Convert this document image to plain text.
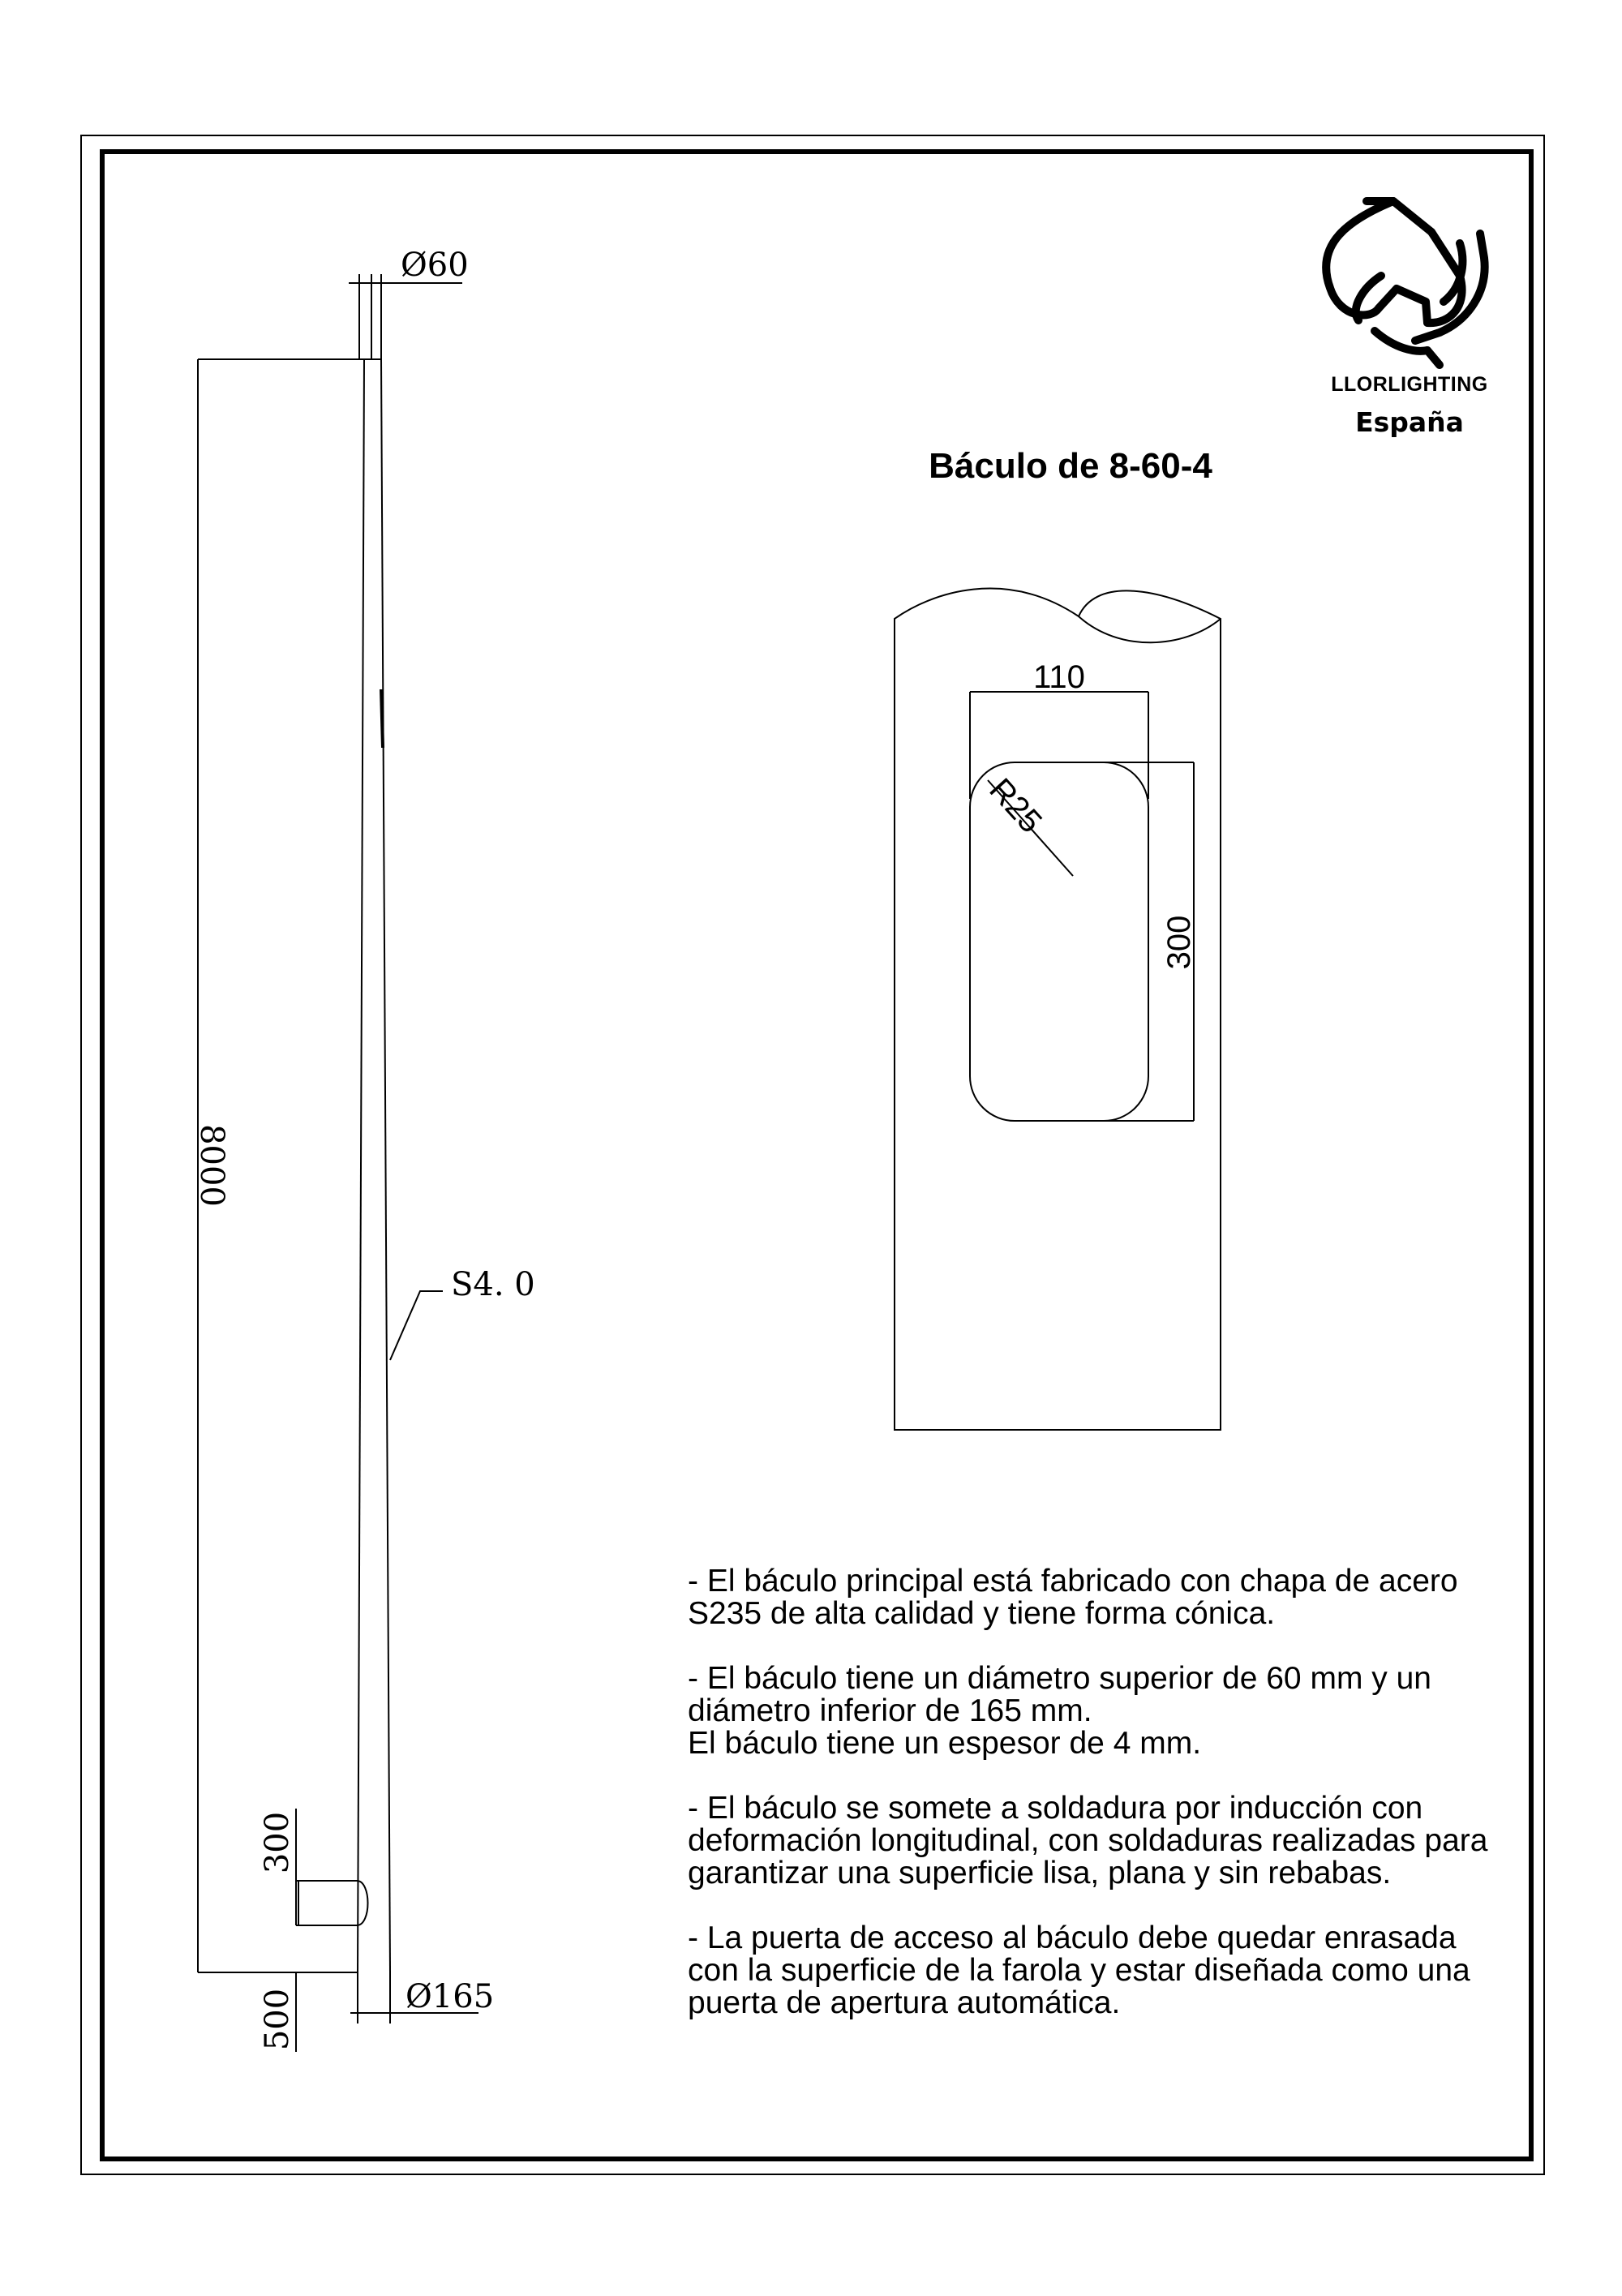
LLORLIGHTING
España
Ø60
8000
S4. 0
300
500	Ø165
110
300
R25
Báculo de 8-60-4

- El báculo principal está fabricado con chapa de acero S235 de alta calidad y tiene forma cónica.

- El báculo tiene un diámetro superior de 60 mm y un diámetro inferior de 165 mm.
El báculo tiene un espesor de 4 mm.

- El báculo se somete a soldadura por inducción con deformación longitudinal, con soldaduras realizadas para garantizar una superficie lisa, plana y sin rebabas.

- La puerta de acceso al báculo debe quedar enrasada con la superficie de la farola y estar diseñada como una puerta de apertura automática.
